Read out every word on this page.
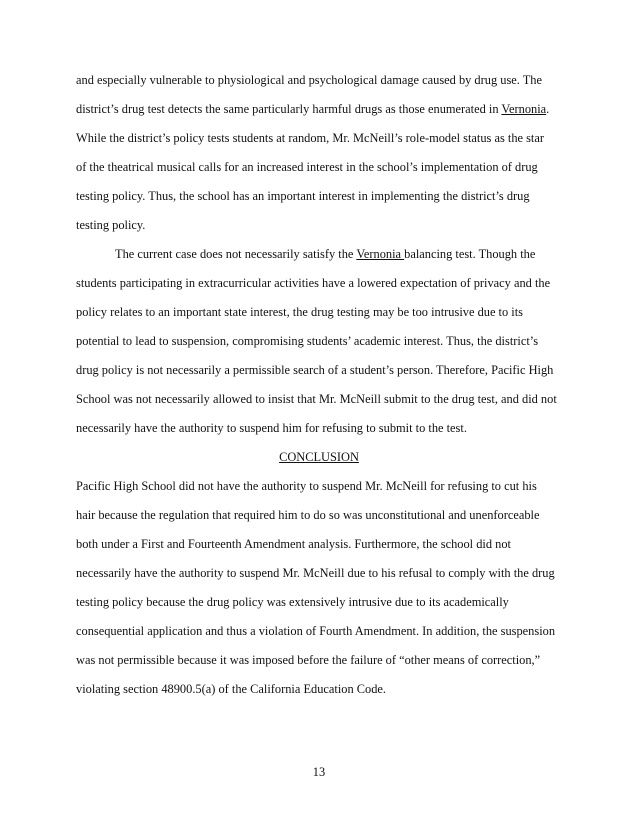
and especially vulnerable to physiological and psychological damage caused by drug use. The
district’s drug test detects the same particularly harmful drugs as those enumerated in Vernonia.
While the district’s policy tests students at random, Mr. McNeill’s role-model status as the star
of the theatrical musical calls for an increased interest in the school’s implementation of drug
testing policy. Thus, the school has an important interest in implementing the district’s drug
testing policy.
The current case does not necessarily satisfy the Vernonia balancing test. Though the
students participating in extracurricular activities have a lowered expectation of privacy and the
policy relates to an important state interest, the drug testing may be too intrusive due to its
potential to lead to suspension, compromising students’ academic interest. Thus, the district’s
drug policy is not necessarily a permissible search of a student’s person. Therefore, Pacific High
School was not necessarily allowed to insist that Mr. McNeill submit to the drug test, and did not
necessarily have the authority to suspend him for refusing to submit to the test.
CONCLUSION
Pacific High School did not have the authority to suspend Mr. McNeill for refusing to cut his
hair because the regulation that required him to do so was unconstitutional and unenforceable
both under a First and Fourteenth Amendment analysis. Furthermore, the school did not
necessarily have the authority to suspend Mr. McNeill due to his refusal to comply with the drug
testing policy because the drug policy was extensively intrusive due to its academically
consequential application and thus a violation of Fourth Amendment. In addition, the suspension
was not permissible because it was imposed before the failure of “other means of correction,”
violating section 48900.5(a) of the California Education Code.
13
